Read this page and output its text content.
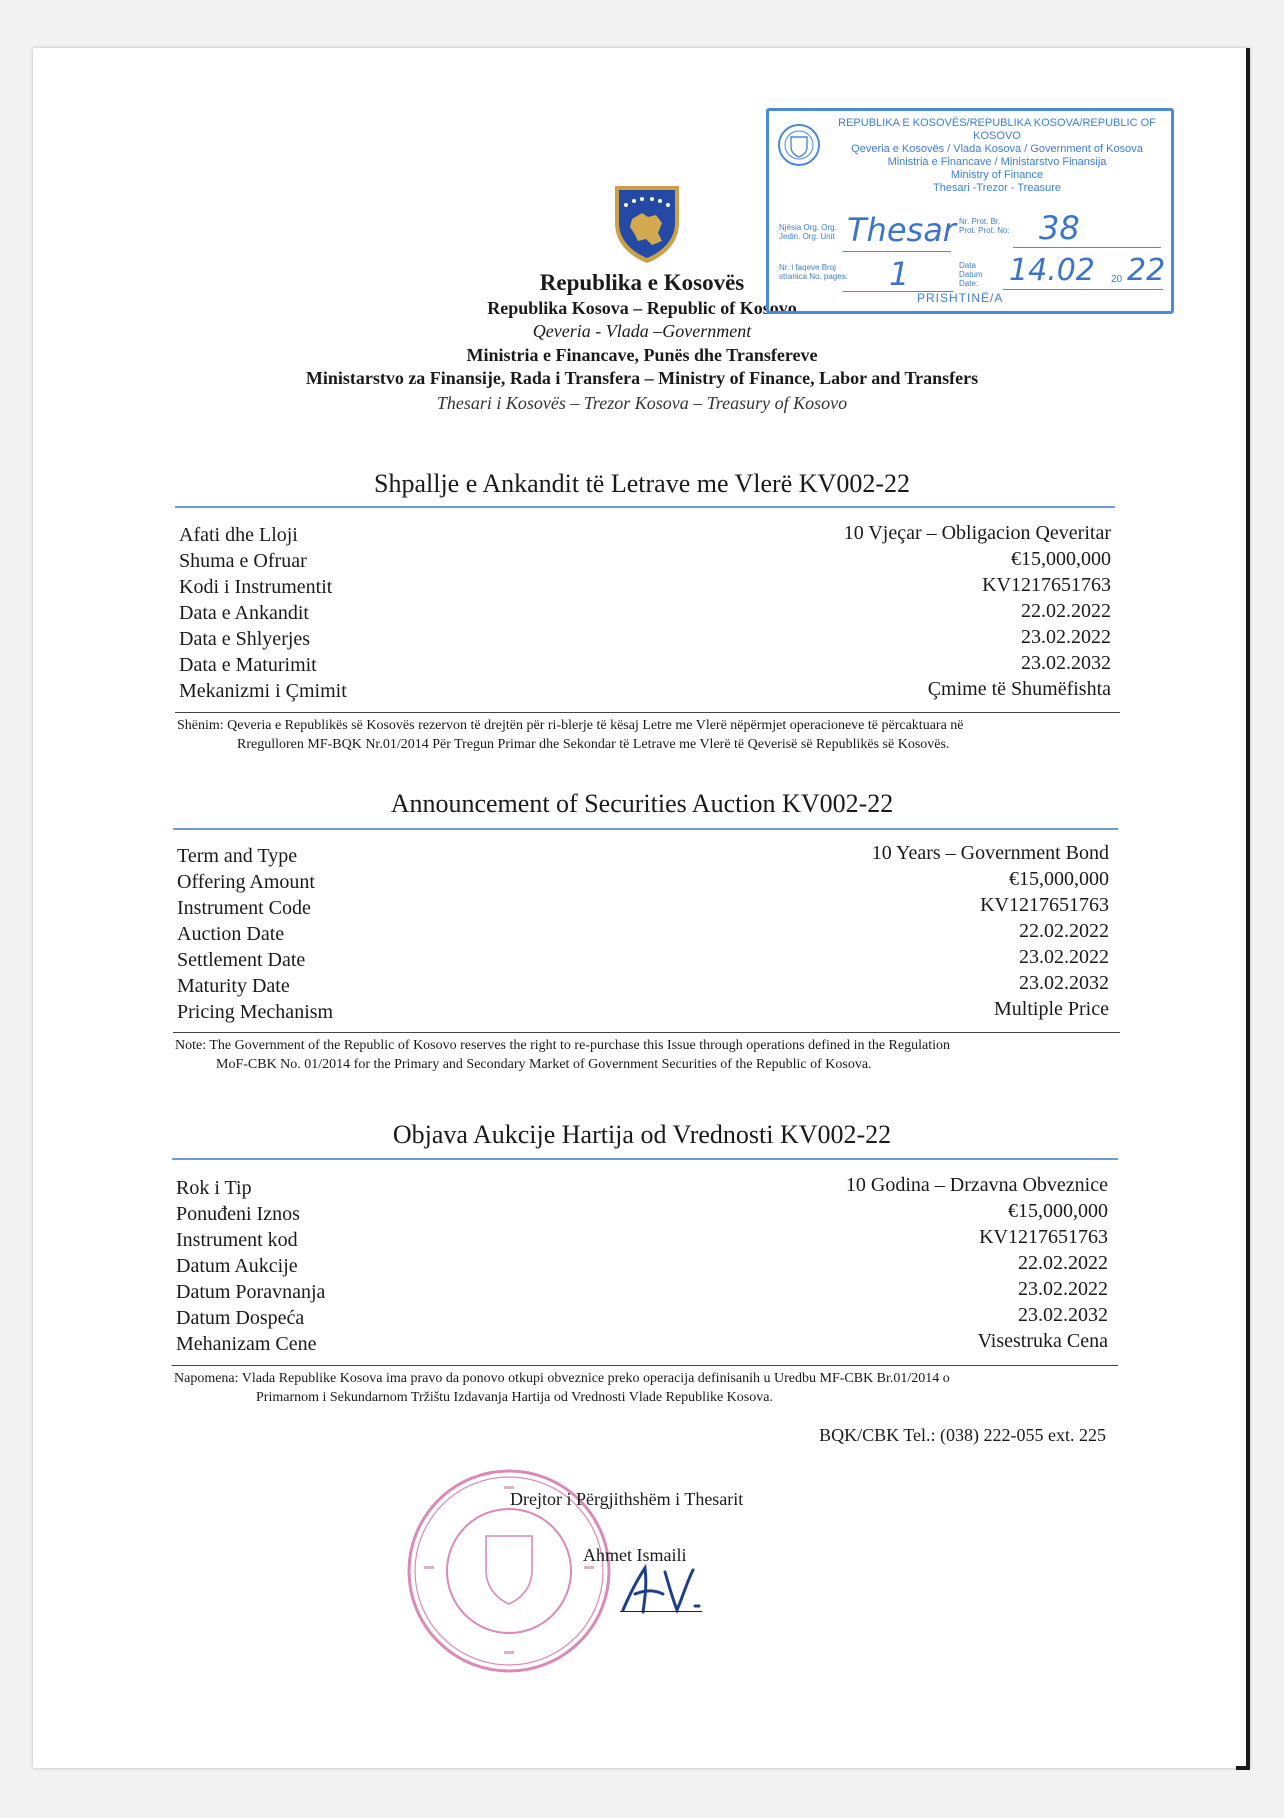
Republika e Kosovës
Republika Kosova – Republic of Kosovo
Qeveria - Vlada –Government
Ministria e Financave, Punës dhe Transfereve
Ministarstvo za Finansije, Rada i Transfera – Ministry of Finance, Labor and Transfers
Thesari i Kosovës – Trezor Kosova – Treasury of Kosovo
REPUBLIKA E KOSOVËS/REPUBLIKA KOSOVA/REPUBLIC OF KOSOVO
Qeveria e Kosovës / Vlada Kosova / Government of Kosova
Ministria e Financave / Ministarstvo Finansija
Ministry of Finance
Thesari -Trezor - Treasure
Njësia Org. Org. Jedin. Org. Unit Thesar Nr. Prot. Br. Prot. Prot. No: 38
Nr. i faqeve Broj stranica No. pages: 1	Data Datum Date:	14.02 20 22
PRISHTINË/A
Shpallje e Ankandit të Letrave me Vlerë KV002-22
Afati dhe Lloji	10 Vjeçar – Obligacion Qeveritar
Shuma e Ofruar	€15,000,000
Kodi i Instrumentit	KV1217651763
Data e Ankandit	22.02.2022
Data e Shlyerjes	23.02.2022
Data e Maturimit	23.02.2032
Mekanizmi i Çmimit	Çmime të Shumëfishta
Shënim: Qeveria e Republikës së Kosovës rezervon të drejtën për ri-blerje të kësaj Letre me Vlerë nëpërmjet operacioneve të përcaktuara në
Rregulloren MF-BQK Nr.01/2014 Për Tregun Primar dhe Sekondar të Letrave me Vlerë të Qeverisë së Republikës së Kosovës.
Announcement of Securities Auction KV002-22
Term and Type	10 Years – Government Bond
Offering Amount	€15,000,000
Instrument Code	KV1217651763
Auction Date	22.02.2022
Settlement Date	23.02.2022
Maturity Date	23.02.2032
Pricing Mechanism	Multiple Price
Note: The Government of the Republic of Kosovo reserves the right to re-purchase this Issue through operations defined in the Regulation
MoF-CBK No. 01/2014 for the Primary and Secondary Market of Government Securities of the Republic of Kosova.
Objava Aukcije Hartija od Vrednosti KV002-22
Rok i Tip	10 Godina – Drzavna Obveznice
Ponuđeni Iznos	€15,000,000
Instrument kod	KV1217651763
Datum Aukcije	22.02.2022
Datum Poravnanja	23.02.2022
Datum Dospeća	23.02.2032
Mehanizam Cene	Visestruka Cena
Napomena: Vlada Republike Kosova ima pravo da ponovo otkupi obveznice preko operacija definisanih u Uredbu MF-CBK Br.01/2014 o
Primarnom i Sekundarnom Tržištu Izdavanja Hartija od Vrednosti Vlade Republike Kosova.
BQK/CBK Tel.: (038) 222-055 ext. 225
Drejtor i Përgjithshëm i Thesarit
Ahmet Ismaili
